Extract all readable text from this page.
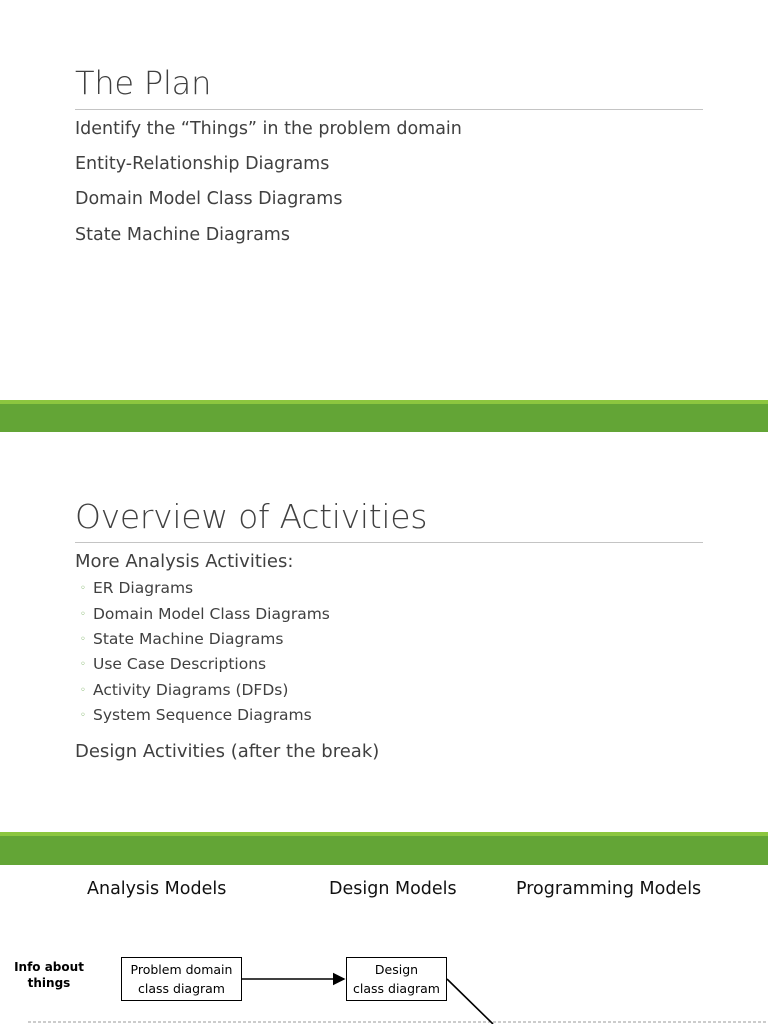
The Plan
Identify the “Things” in the problem domain
Entity-Relationship Diagrams
Domain Model Class Diagrams
State Machine Diagrams
Overview of Activities
More Analysis Activities:
◦ ER Diagrams
◦ Domain Model Class Diagrams
◦ State Machine Diagrams
◦ Use Case Descriptions
◦ Activity Diagrams (DFDs)
◦ System Sequence Diagrams
Design Activities (after the break)
Analysis Models	Design Models	Programming Models
Info about
things
Problem domain
class diagram
Design
class diagram
